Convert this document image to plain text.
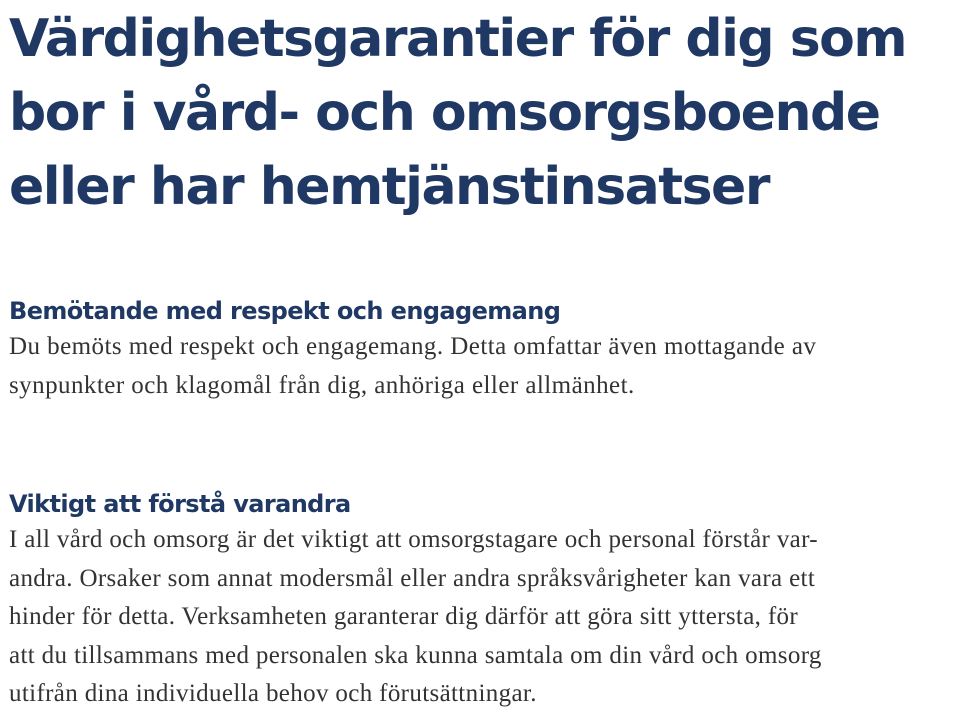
Värdighetsgarantier för dig som
bor i vård- och omsorgsboende
eller har hemtjänstinsatser
Bemötande med respekt och engagemang

Du bemöts med respekt och engagemang. Detta omfattar även mottagande av
synpunkter och klagomål från dig, anhöriga eller allmänhet.

Viktigt att förstå varandra

I all vård och omsorg är det viktigt att omsorgstagare och personal förstår var-
andra. Orsaker som annat modersmål eller andra språksvårigheter kan vara ett
hinder för detta. Verksamheten garanterar dig därför att göra sitt yttersta, för
att du tillsammans med personalen ska kunna samtala om din vård och omsorg
utifrån dina individuella behov och förutsättningar.
